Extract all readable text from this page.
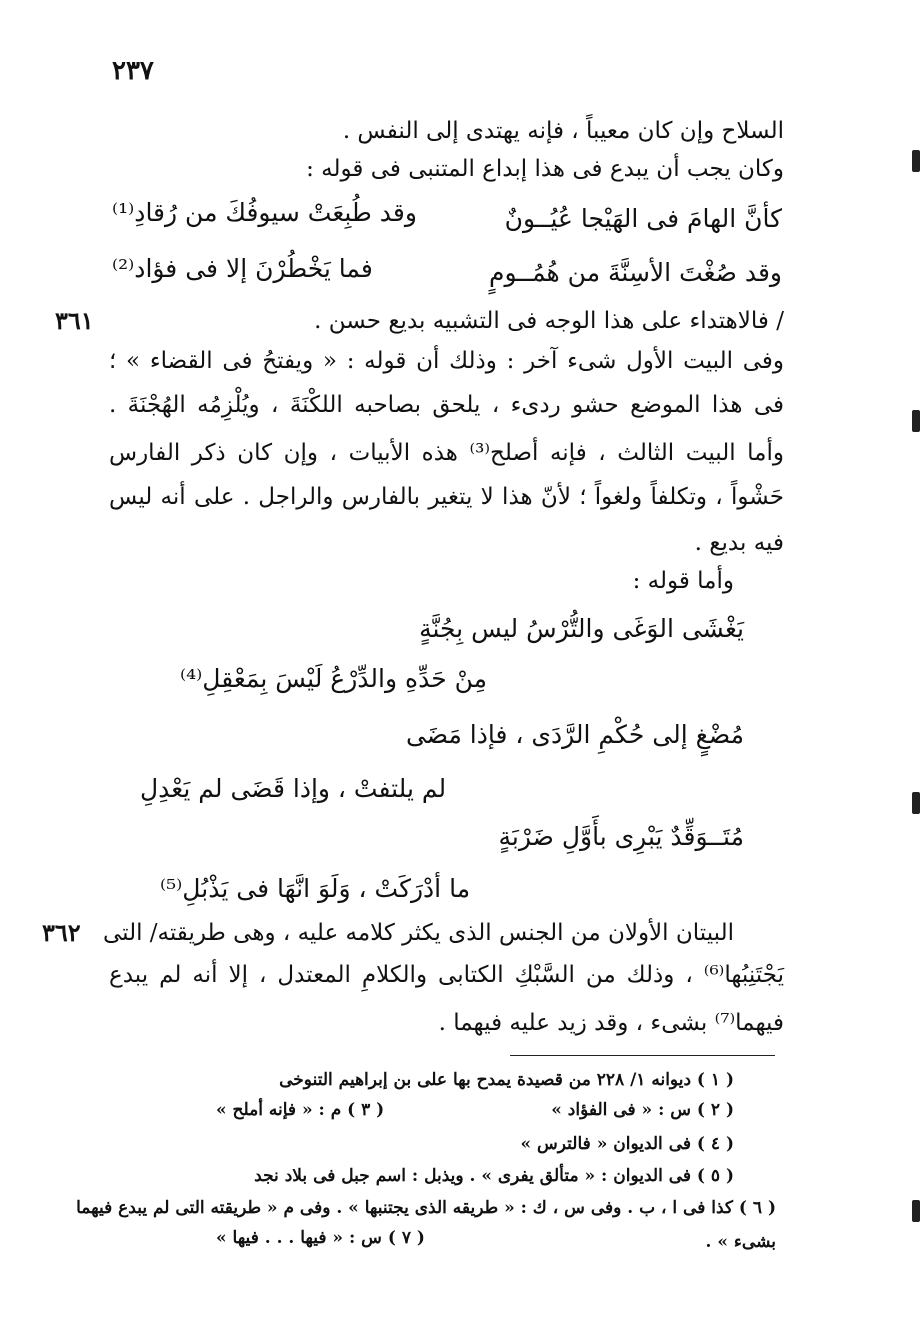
٢٣٧
السلاح وإن كان معيباً ، فإنه يهتدى إلى النفس .
وكان يجب أن يبدع فى هذا إبداع المتنبى فى قوله :
كأنَّ الهامَ فى الهَيْجا عُيُــونٌ
وقد طُبِعَتْ سيوفُكَ من رُقادِ⁽¹⁾
وقد صُغْتَ الأسِنَّةَ من هُمُــومٍ
فما يَخْطُرْنَ إلا فى فؤاد⁽²⁾
/ فالاهتداء على هذا الوجه فى التشبيه بديع حسن .
٣٦١
وفى البيت الأول شىء آخر : وذلك أن قوله : « ويفتحُ فى القضاء » ؛
فى هذا الموضع حشو ردىء ، يلحق بصاحبه اللكْنَةَ ، ويُلْزِمُه الهُجْنَةَ .
وأما البيت الثالث ، فإنه أصلح⁽³⁾ هذه الأبيات ، وإن كان ذكر الفارس
حَشْواً ، وتكلفاً ولغواً ؛ لأنّ هذا لا يتغير بالفارس والراجل . على أنه ليس
فيه بديع .
وأما قوله :
يَغْشَى الوَغَى والتُّرْسُ ليس بِجُنَّةٍ
مِنْ حَدِّهِ والدِّرْعُ لَيْسَ بِمَعْقِلِ⁽⁴⁾
مُضْغٍ إلى حُكْمِ الرَّدَى ، فإذا مَضَى
لم يلتفتْ ، وإذا قَضَى لم يَعْدِلِ
مُتَــوَقِّدٌ يَبْرِى بأَوَّلِ ضَرْبَةٍ
ما أدْرَكَتْ ، وَلَوَ انَّهَا فى يَذْبُلِ⁽⁵⁾
البيتان الأولان من الجنس الذى يكثر كلامه عليه ، وهى طريقته/ التى
٣٦٢
يَجْتَنِبُها⁽⁶⁾ ، وذلك من السَّبْكِ الكتابى والكلامِ المعتدل ، إلا أنه لم يبدع
فيهما⁽⁷⁾ بشىء ، وقد زيد عليه فيهما .
( ١ ) ديوانه ١/ ٢٢٨ من قصيدة يمدح بها على بن إبراهيم التنوخى
( ٢ ) س : « فى الفؤاد »
( ٣ ) م : « فإنه أملح »
( ٤ ) فى الديوان « فالترس »
( ٥ ) فى الديوان : « متألق يفرى » . ويذبل : اسم جبل فى بلاد نجد
( ٦ ) كذا فى ا ، ب . وفى س ، ك : « طريقه الذى يجتنبها » . وفى م « طريقته التى لم يبدع فيهما
بشىء » .
( ٧ ) س : « فيها . . . فيها »
